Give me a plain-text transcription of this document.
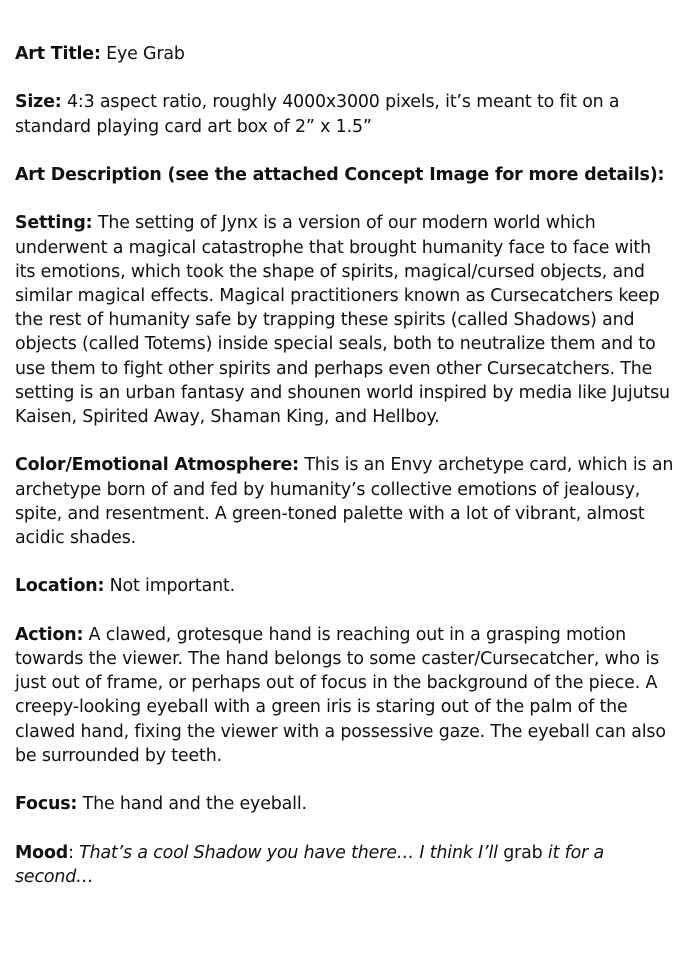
Art Title: Eye Grab

Size: 4:3 aspect ratio, roughly 4000x3000 pixels, it’s meant to fit on a standard playing card art box of 2” x 1.5”

Art Description (see the attached Concept Image for more details):

Setting: The setting of Jynx is a version of our modern world which underwent a magical catastrophe that brought humanity face to face with its emotions, which took the shape of spirits, magical/cursed objects, and similar magical effects. Magical practitioners known as Cursecatchers keep the rest of humanity safe by trapping these spirits (called Shadows) and objects (called Totems) inside special seals, both to neutralize them and to use them to fight other spirits and perhaps even other Cursecatchers. The setting is an urban fantasy and shounen world inspired by media like Jujutsu Kaisen, Spirited Away, Shaman King, and Hellboy.

Color/Emotional Atmosphere: This is an Envy archetype card, which is an archetype born of and fed by humanity’s collective emotions of jealousy, spite, and resentment. A green-toned palette with a lot of vibrant, almost acidic shades.

Location: Not important.

Action: A clawed, grotesque hand is reaching out in a grasping motion towards the viewer. The hand belongs to some caster/Cursecatcher, who is just out of frame, or perhaps out of focus in the background of the piece. A creepy-looking eyeball with a green iris is staring out of the palm of the clawed hand, fixing the viewer with a possessive gaze. The eyeball can also be surrounded by teeth.

Focus: The hand and the eyeball.

Mood: That’s a cool Shadow you have there… I think I’ll grab it for a second…
